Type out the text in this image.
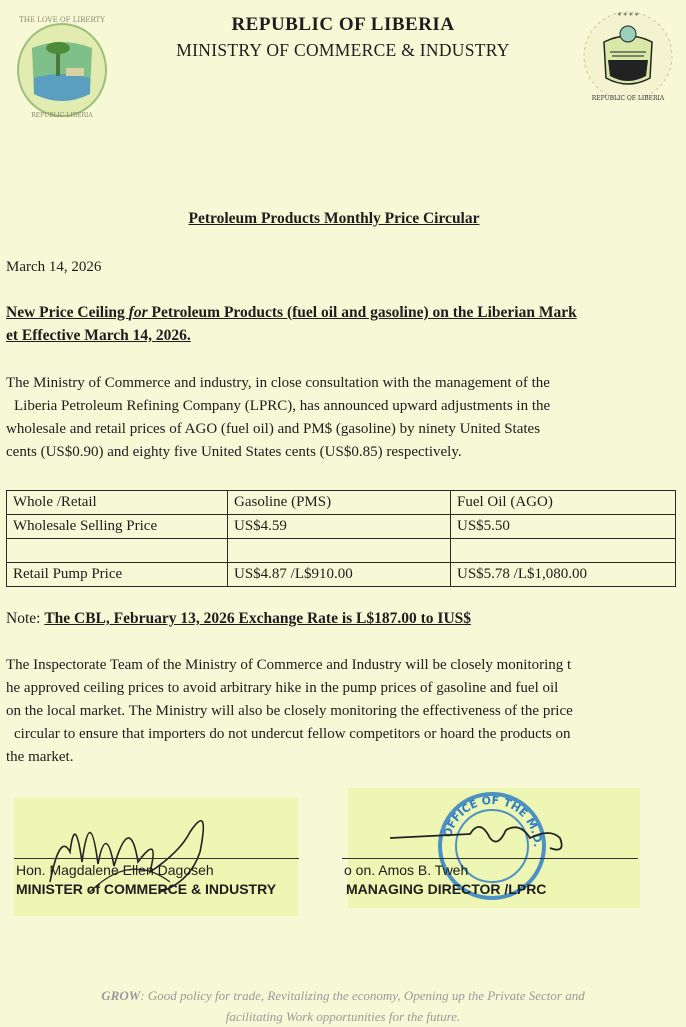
THE LOVE OF LIBERTY
REPUBLIC LIBERIA
* * * *
REPUBLIC OF LIBERIA
REPUBLIC OF LIBERIA
MINISTRY OF COMMERCE & INDUSTRY
Petroleum Products Monthly Price Circular
March 14, 2026
New Price Ceiling for Petroleum Products (fuel oil and gasoline) on the Liberian Mark
et Effective March 14, 2026.
The Ministry of Commerce and industry, in close consultation with the management of the
Liberia Petroleum Refining Company (LPRC), has announced upward adjustments in the
wholesale and retail prices of AGO (fuel oil) and PM$ (gasoline) by ninety United States
cents (US$0.90) and eighty five United States cents (US$0.85) respectively.
Whole /Retail	Gasoline (PMS)	Fuel Oil (AGO)
Wholesale Selling Price	US$4.59	US$5.50

Retail Pump Price	US$4.87 /L$910.00	US$5.78 /L$1,080.00
Note: The CBL, February 13, 2026 Exchange Rate is L$187.00 to IUS$
The Inspectorate Team of the Ministry of Commerce and Industry will be closely monitoring t
he approved ceiling prices to avoid arbitrary hike in the pump prices of gasoline and fuel oil
on the local market. The Ministry will also be closely monitoring the effectiveness of the price
circular to ensure that importers do not undercut fellow competitors or hoard the products on
the market.
OFFICE OF THE M.D.
Hon. Magdalene Ellen Dagoseh
MINISTER of COMMERCE & INDUSTRY
o on. Amos B. Tweh
MANAGING DIRECTOR /LPRC
GROW: Good policy for trade, Revitalizing the economy, Opening up the Private Sector and
facilitating Work opportunities for the future.
